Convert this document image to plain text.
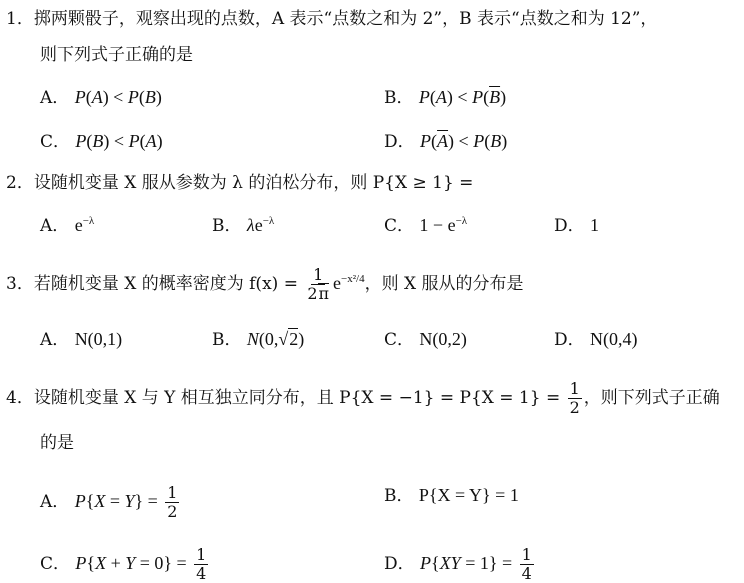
1．掷两颗骰子，观察出现的点数，A 表示“点数之和为 2”，B 表示“点数之和为 12”，
则下列式子正确的是
A． P(A) < P(B)	B． $P(A) < P(\overline{B})$
C． P(B) < P(A)	D． $P(\overline{A}) < P(B)$
2．设随机变量 X 服从参数为 λ 的泊松分布，则 P{X ≥ 1} =
A． $e^{-\lambda}$	B． $\lambda e^{-\lambda}$	C． $1 - e^{-\lambda}$	D． 1
3．若随机变量 X 的概率密度为 $f(x) = \frac{1}{2\pi} e^{-x^2/4}$，则 X 服从的分布是
A． N(0,1)	B． N(0,√2)	C． N(0,2)	D． N(0,4)
4．设随机变量 X 与 Y 相互独立同分布，且 $P\{X = -1\} = P\{X = 1\} = \frac{1}{2}$ ，则下列式子正确
的是
A． $P\{X = Y\} = \frac{1}{2}$	B． P{X = Y} = 1
C． $P\{X + Y = 0\} = \frac{1}{4}$	D． $P\{XY = 1\} = \frac{1}{4}$
